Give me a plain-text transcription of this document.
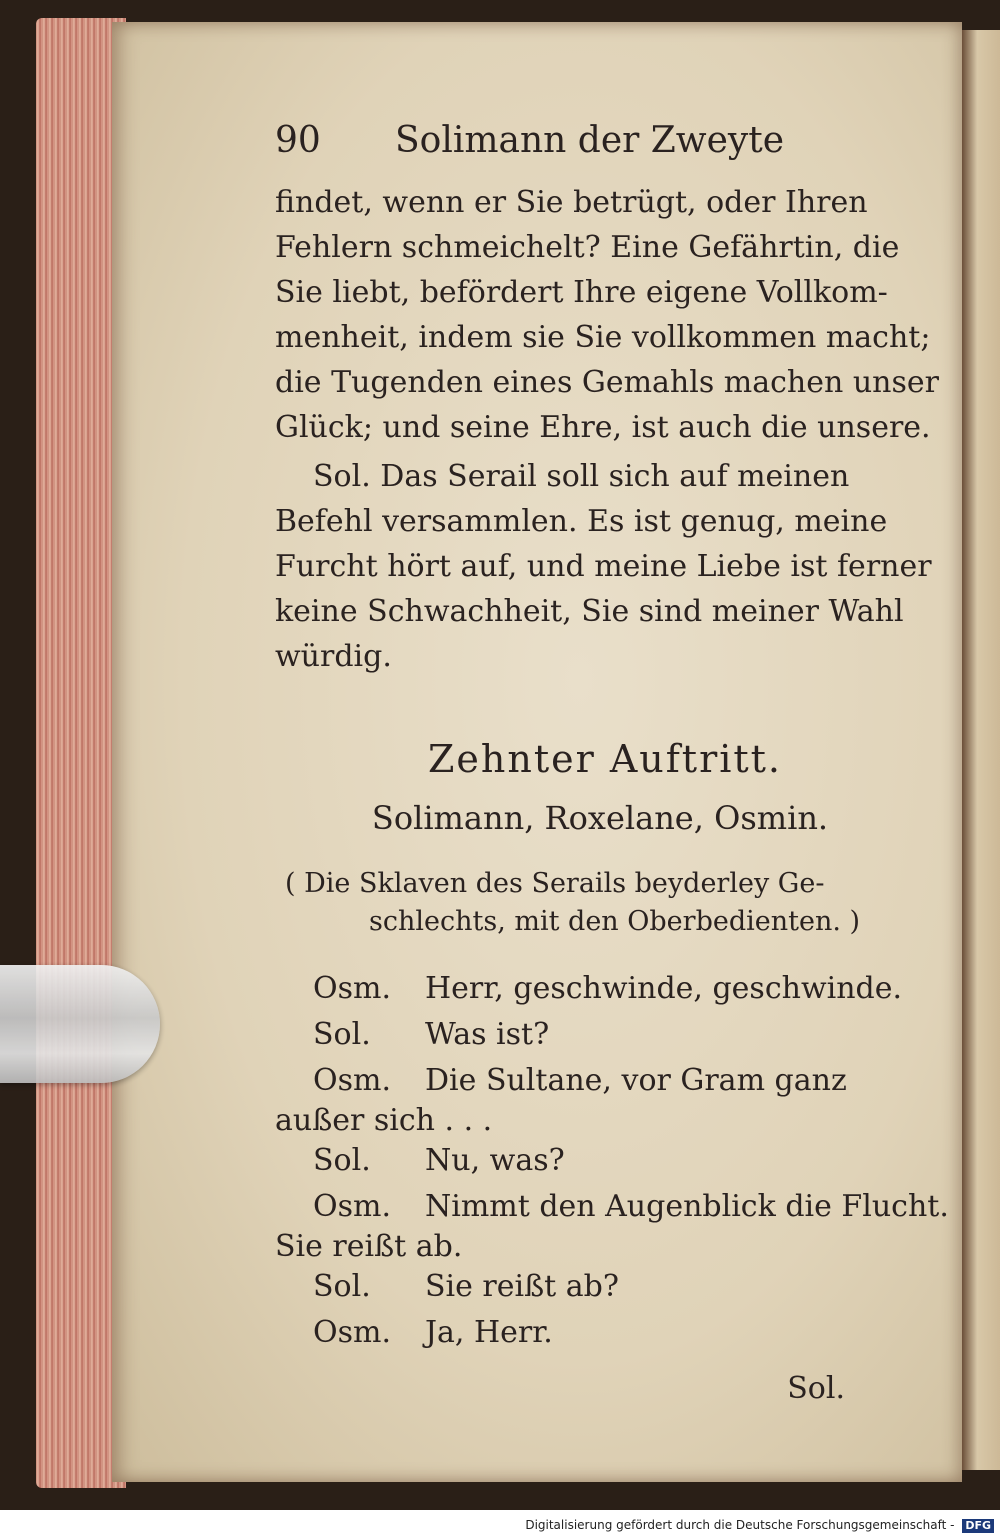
90	Solimann der Zweyte

findet, wenn er Sie betrügt, oder Ihren
Fehlern schmeichelt? Eine Gefährtin, die
Sie liebt, befördert Ihre eigene Vollkom-
menheit, indem sie Sie vollkommen macht;
die Tugenden eines Gemahls machen unser
Glück; und seine Ehre, ist auch die unsere.

Sol. Das Serail soll sich auf meinen
Befehl versammlen. Es ist genug, meine
Furcht hört auf, und meine Liebe ist ferner
keine Schwachheit, Sie sind meiner Wahl
würdig.

Zehnter Auftritt.
Solimann, Roxelane, Osmin.
( Die Sklaven des Serails beyderley Ge-
schlechts, mit den Oberbedienten. )
Osm.	Herr, geschwinde, geschwinde.
Sol.	Was ist?
Osm.	Die Sultane, vor Gram ganz
außer sich . . .
Sol.	Nu, was?
Osm.	Nimmt den Augenblick die Flucht.
Sie reißt ab.
Sol.	Sie reißt ab?
Osm.	Ja, Herr.
Sol.
Digitalisierung gefördert durch die Deutsche Forschungsgemeinschaft - DFG
